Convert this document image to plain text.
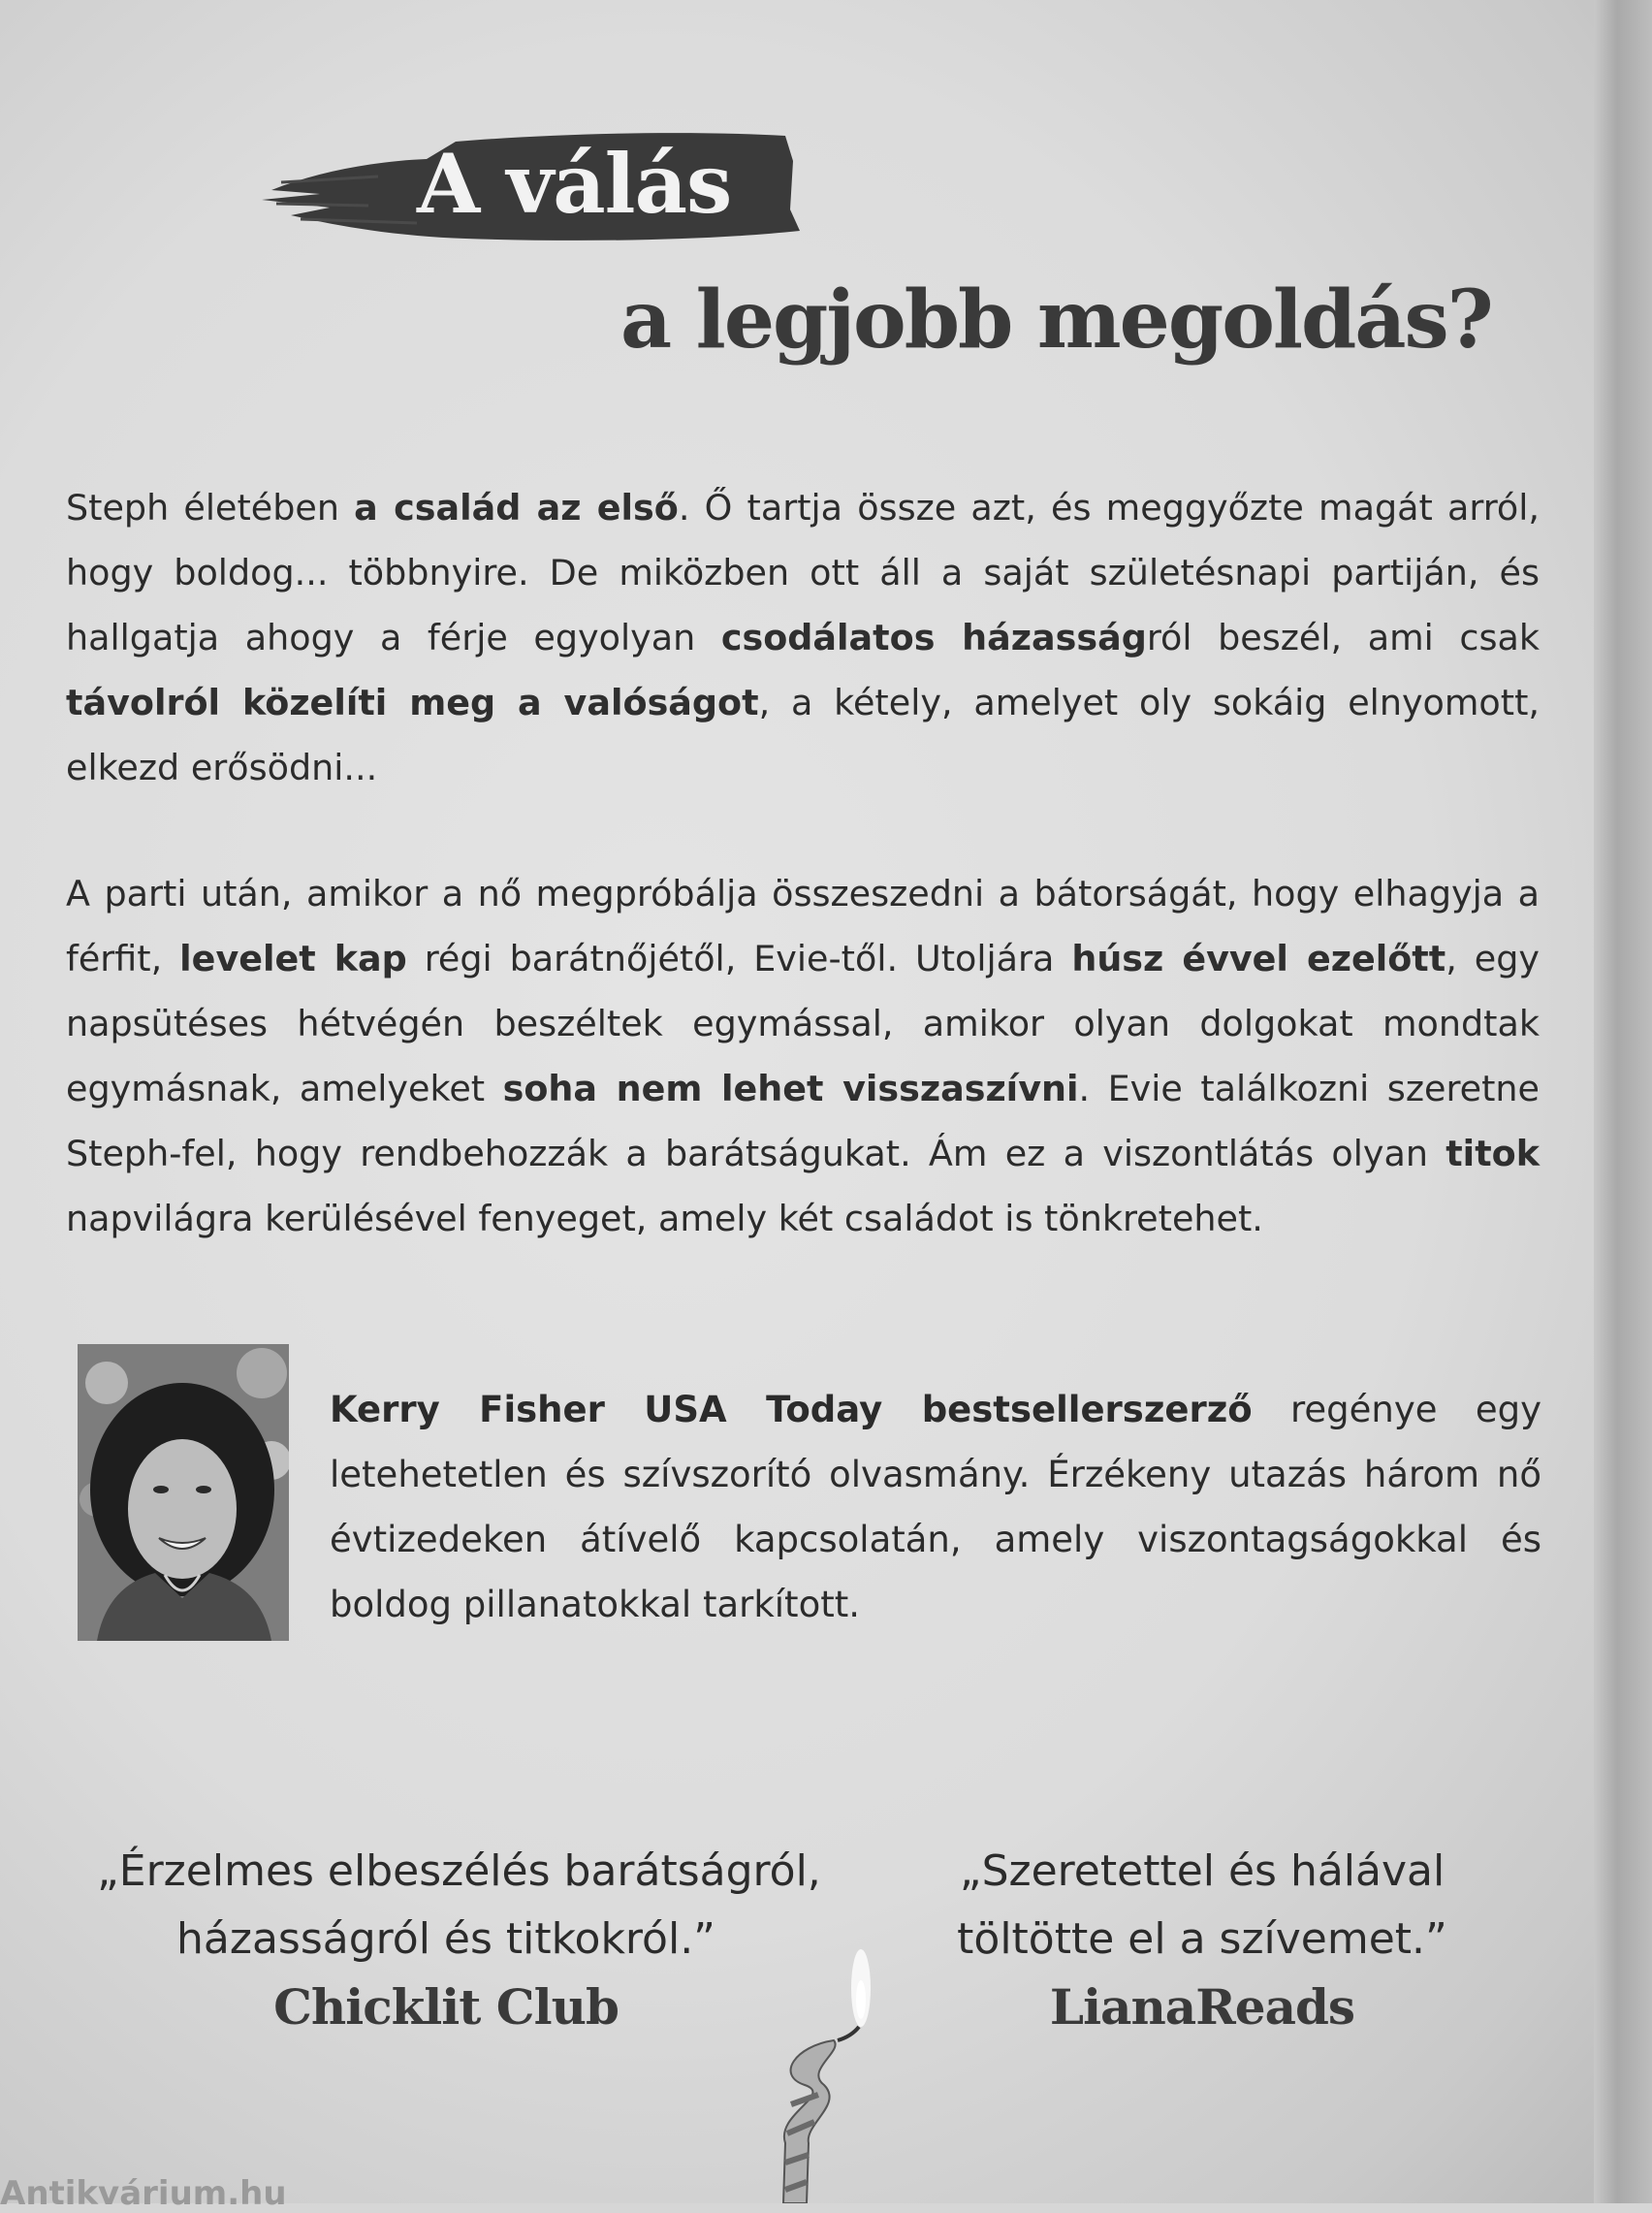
A válás
a legjobb megoldás?

Steph életében a család az első. Ő tartja össze azt, és meggyőzte magát arról, hogy boldog... többnyire. De miközben ott áll a saját születésnapi partiján, és hallgatja ahogy a férje egyolyan csodálatos házasságról beszél, ami csak távolról közelíti meg a valóságot, a kétely, amelyet oly sokáig elnyomott, elkezd erősödni...

A parti után, amikor a nő megpróbálja összeszedni a bátorságát, hogy elhagyja a férfit, levelet kap régi barátnőjétől, Evie-től. Utoljára húsz évvel ezelőtt, egy napsütéses hétvégén beszéltek egymással, amikor olyan dolgokat mondtak egymásnak, amelyeket soha nem lehet visszaszívni. Evie találkozni szeretne Steph-fel, hogy rendbehozzák a barátságukat. Ám ez a viszontlátás olyan titok napvilágra kerülésével fenyeget, amely két családot is tönkretehet.

Kerry Fisher USA Today bestsellerszerző regénye egy letehetetlen és szívszorító olvasmány. Érzékeny utazás három nő évtizedeken átívelő kapcsolatán, amely viszontagságokkal és boldog pillanatokkal tarkított.

„Érzelmes elbeszélés barátságról,
házasságról és titkokról.”
Chicklit Club
„Szeretettel és hálával
töltötte el a szívemet.”
LianaReads
Antikvárium.hu
